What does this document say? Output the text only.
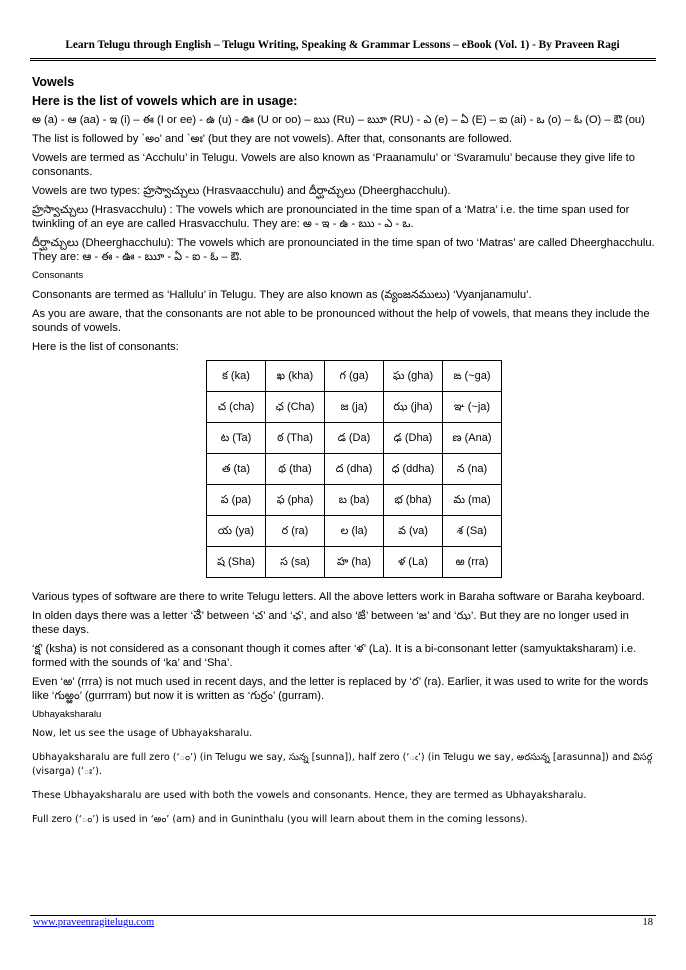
Learn Telugu through English – Telugu Writing, Speaking & Grammar Lessons – eBook (Vol. 1) - By Praveen Ragi

Vowels

Here is the list of vowels which are in usage:

అ (a) - ఆ (aa) - ఇ (i) – ఈ (I or ee) - ఉ (u) - ఊ (U or oo) – ఋ (Ru) – ౠ (RU) - ఎ (e) – ఏ (E) – ఐ (ai) - ఒ (o) – ఓ (O) – ఔ (ou)

The list is followed by `అం' and `అః' (but they are not vowels). After that, consonants are followed.

Vowels are termed as ‘Acchulu’ in Telugu. Vowels are also known as ‘Praanamulu’ or ‘Svaramulu’ because they give life to consonants.

Vowels are two types: హ్రస్వాచ్చులు (Hrasvaacchulu) and దీర్ఘాచ్చులు (Dheerghacchulu).

హ్రస్వాచ్చులు (Hrasvacchulu) : The vowels which are pronounciated in the time span of a ‘Matra’ i.e. the time span used for twinkling of an eye are called Hrasvacchulu. They are: అ - ఇ - ఉ - ఋ - ఎ - ఒ.

దీర్ఘాచ్చులు (Dheerghacchulu): The vowels which are pronounciated in the time span of two ‘Matras’ are called Dheerghacchulu. They are: ఆ - ఈ - ఊ - ౠ - ఏ - ఐ - ఓ – ఔ.

Consonants

Consonants are termed as ‘Hallulu’ in Telugu. They are also known as (వ్యంజనములు) ‘Vyanjanamulu’.

As you are aware, that the consonants are not able to be pronounced without the help of vowels, that means they include the sounds of vowels.

Here is the list of consonants:

క (ka)	ఖ (kha)	గ (ga)	ఘ (gha)	ఙ (~ga)
చ (cha)	ఛ (Cha)	జ (ja)	ఝ (jha)	ఞ (~ja)
ట (Ta)	ఠ (Tha)	డ (Da)	ఢ (Dha)	ణ (Ana)
త (ta)	థ (tha)	ద (dha)	ధ (ddha)	న (na)
ప (pa)	ఫ (pha)	బ (ba)	భ (bha)	మ (ma)
య (ya)	ర (ra)	ల (la)	వ (va)	శ (Sa)
ష (Sha)	స (sa)	హ (ha)	ళ (La)	ఱ (rra)

Various types of software are there to write Telugu letters. All the above letters work in Baraha software or Baraha keyboard.

In olden days there was a letter ‘ౘ’ between ‘చ’ and ‘ఛ’, and also ‘ౙ’ between ‘జ’ and ‘ఝ’. But they are no longer used in these days.

‘క్ష’ (ksha) is not considered as a consonant though it comes after ‘ళ’ (La). It is a bi-consonant letter (samyuktaksharam) i.e. formed with the sounds of ‘ka’ and ‘Sha’.

Even ‘ఱ’ (rrra) is not much used in recent days, and the letter is replaced by ‘ర’ (ra). Earlier, it was used to write for the words like ‘గుఱ్ఱం’ (gurrram) but now it is written as ‘గుర్రం’ (gurram).

Ubhayaksharalu

Now, let us see the usage of Ubhayaksharalu.

Ubhayaksharalu are full zero (‘ం’) (in Telugu we say, సున్న [sunna]), half zero (‘ఁ’) (in Telugu we say, అరసున్న [arasunna]) and విసర్గ (visarga) (‘ః’).

These Ubhayaksharalu are used with both the vowels and consonants. Hence, they are termed as Ubhayaksharalu.

Full zero (‘ం’) is used in ‘అం’ (am) and in Guninthalu (you will learn about them in the coming lessons).

www.praveenragitelugu.com	18
